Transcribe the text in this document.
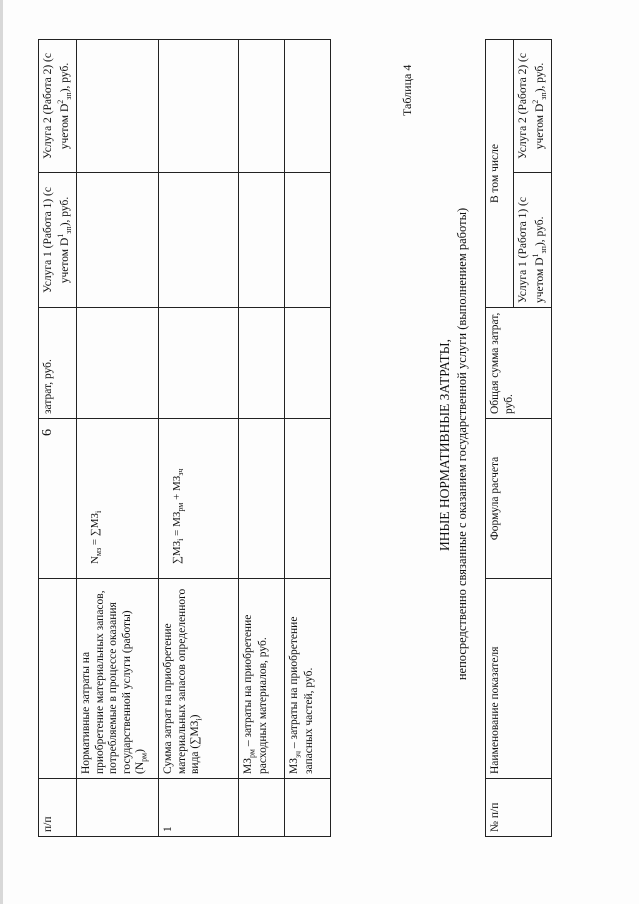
6
п/п			затрат, руб.	Услуга 1 (Работа 1) (с учетом $D^1_{зп}$), руб.	Услуга 2 (Работа 2) (с учетом $D^2_{зп}$), руб.
	Нормативные затраты на приобретение материальных запасов, потребляемые в процессе оказания государственной услуги (работы) $(N_{рм})$	$N_{мз} = \sum МЗ_i$			
1	Сумма затрат на приобретение материальных запасов определенного вида $(\sum МЗ_i)$	$\sum МЗ_i = МЗ_{рм} + МЗ_{зч}$			
	$МЗ_{рм}$ – затраты на приобретение расходных материалов, руб.				
	$МЗ_{зч}$ – затраты на приобретение запасных частей, руб.				
Таблица 4
ИНЫЕ НОРМАТИВНЫЕ ЗАТРАТЫ, непосредственно связанные с оказанием государственной услуги (выполнением работы)
№ п/п	Наименование показателя	Формула расчета	Общая сумма затрат, руб.	В том числе	
				Услуга 1 (Работа 1) (с учетом $D^1_{зп}$), руб.	Услуга 2 (Работа 2) (с учетом $D^2_{зп}$), руб.
